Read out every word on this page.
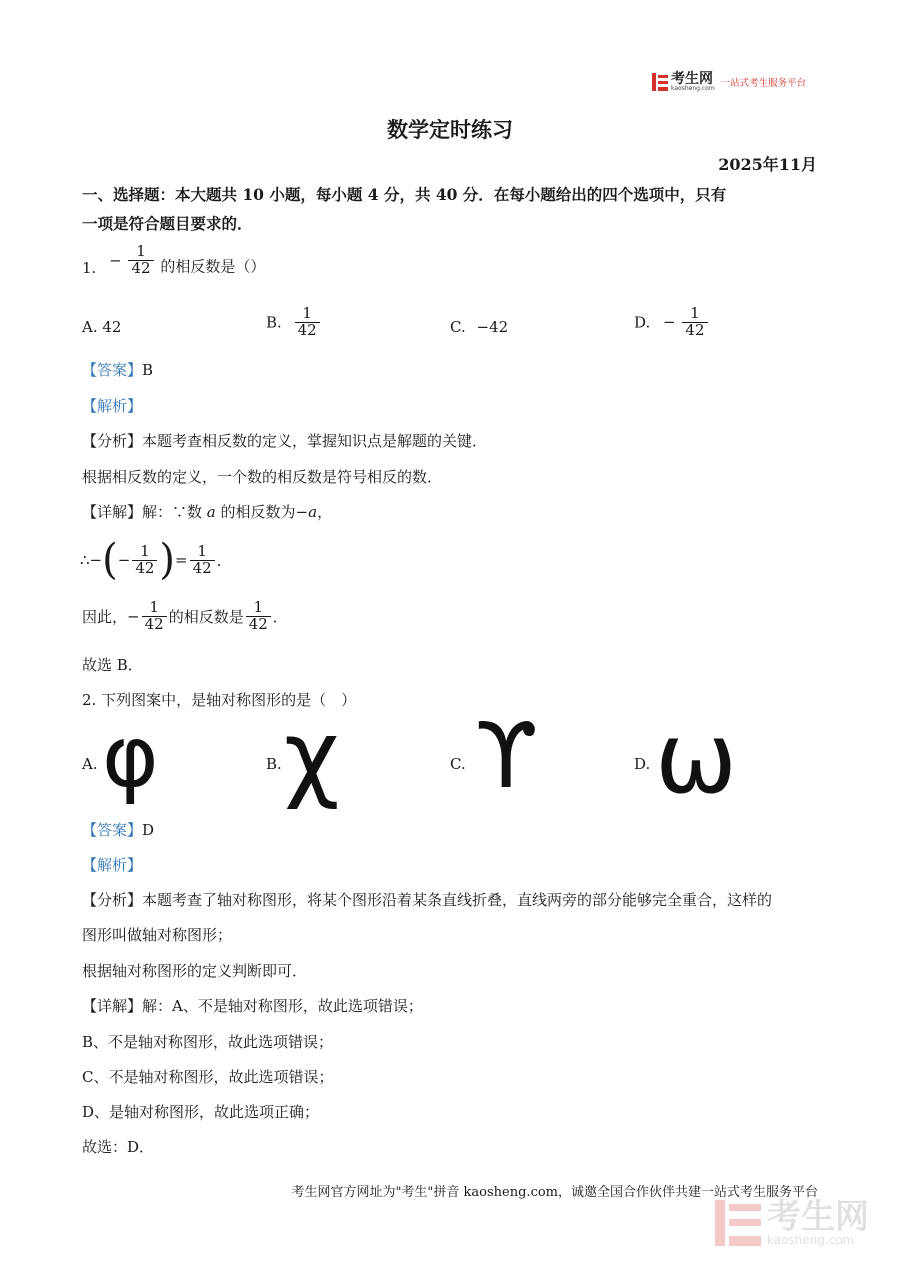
考生网
kaosheng.com 一站式考生服务平台
数学定时练习
2025年11月
一、选择题：本大题共 10 小题，每小题 4 分，共 40 分．在每小题给出的四个选项中，只有
一项是符合题目要求的．
1. − $\frac{1}{42}$ 的相反数是（）
A. 42	B. $\frac{1}{42}$	C. −42	D. − $\frac{1}{42}$
【答案】B
【解析】
【分析】本题考查相反数的定义，掌握知识点是解题的关键．
根据相反数的定义，一个数的相反数是符号相反的数．
【详解】解：∵数 a 的相反数为−a，
∴−(− $\frac{1}{42}$ )= $\frac{1}{42}$ ．
因此，− $\frac{1}{42}$ 的相反数是 $\frac{1}{42}$ ．
故选 B．
2. 下列图案中，是轴对称图形的是（　）
A. φ	B. χ	C. ϒ	D. ω
【答案】D
【解析】
【分析】本题考查了轴对称图形，将某个图形沿着某条直线折叠，直线两旁的部分能够完全重合，这样的
图形叫做轴对称图形；
根据轴对称图形的定义判断即可．
【详解】解：A、不是轴对称图形，故此选项错误；
B、不是轴对称图形，故此选项错误；
C、不是轴对称图形，故此选项错误；
D、是轴对称图形，故此选项正确；
故选：D．
考生网官方网址为"考生"拼音 kaosheng.com，诚邀全国合作伙伴共建一站式考生服务平台
考生网
kaosheng.com
